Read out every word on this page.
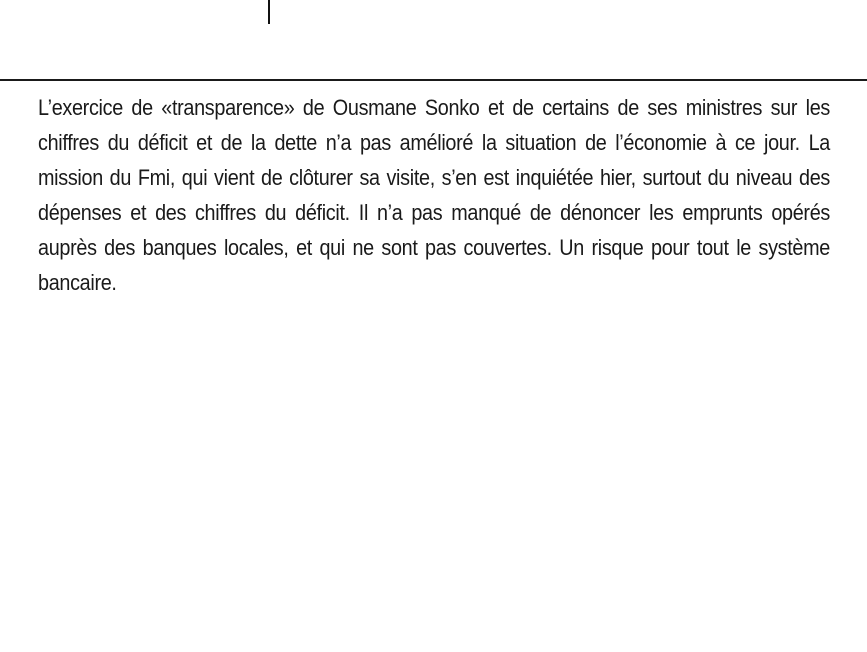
L’exercice de «transparence» de Ousmane Sonko et de certains de ses ministres sur les chiffres du déficit et de la dette n’a pas amélioré la situation de l’économie à ce jour. La mission du Fmi, qui vient de clôturer sa visite, s’en est inquiétée hier, surtout du niveau des dépenses et des chiffres du déficit. Il n’a pas manqué de dénoncer les emprunts opérés auprès des banques locales, et qui ne sont pas couvertes. Un risque pour tout le système bancaire.
